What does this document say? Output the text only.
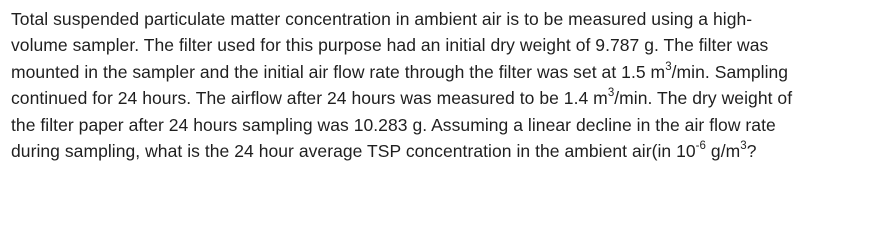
Total suspended particulate matter concentration in ambient air is to be measured using a high-
volume sampler. The filter used for this purpose had an initial dry weight of 9.787 g. The filter was
mounted in the sampler and the initial air flow rate through the filter was set at 1.5 $m^3/\min$. Sampling
continued for 24 hours. The airflow after 24 hours was measured to be 1.4 $m^3/\min$. The dry weight of
the filter paper after 24 hours sampling was 10.283 g. Assuming a linear decline in the air flow rate
during sampling, what is the 24 hour average TSP concentration in the ambient air(in $10^{-6}$ $g/m^3$?
